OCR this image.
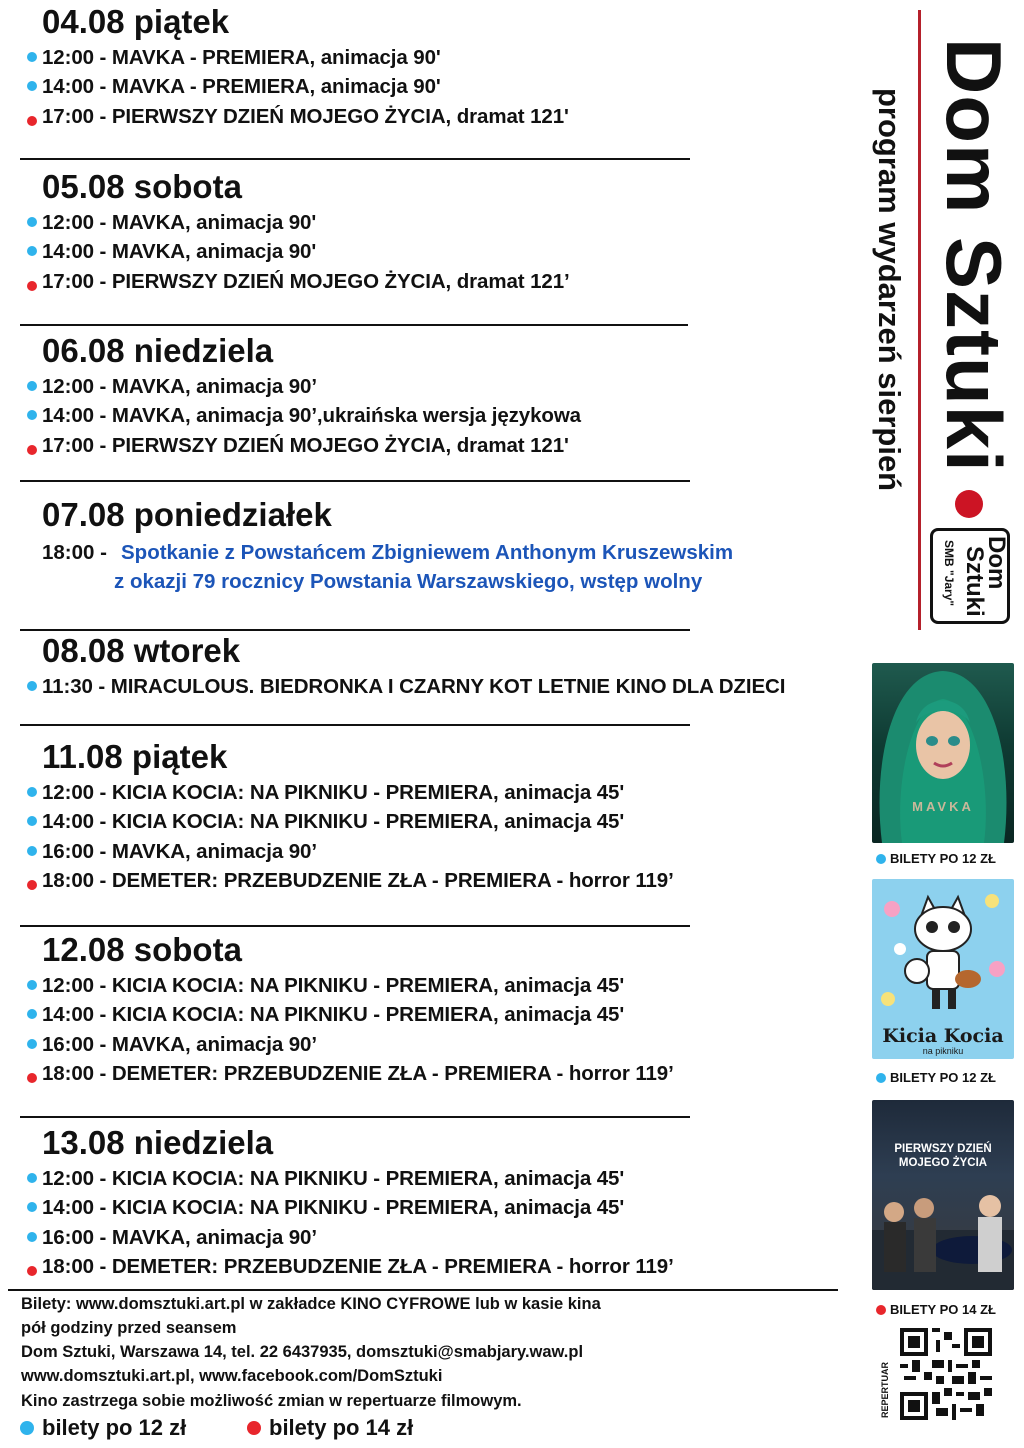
04.08 piątek
12:00 - MAVKA - PREMIERA, animacja 90'
14:00 - MAVKA - PREMIERA, animacja 90'
17:00 - PIERWSZY DZIEŃ MOJEGO ŻYCIA, dramat 121'
05.08 sobota
12:00 - MAVKA, animacja 90'
14:00 - MAVKA, animacja 90'
17:00 - PIERWSZY DZIEŃ MOJEGO ŻYCIA, dramat 121’
06.08 niedziela
12:00 - MAVKA, animacja 90’
14:00 - MAVKA, animacja 90’,ukraińska wersja językowa
17:00 - PIERWSZY DZIEŃ MOJEGO ŻYCIA, dramat 121'
07.08 poniedziałek
18:00 - Spotkanie z Powstańcem Zbigniewem Anthonym Kruszewskim
z okazji 79 rocznicy Powstania Warszawskiego, wstęp wolny
08.08 wtorek
11:30 - MIRACULOUS. BIEDRONKA I CZARNY KOT LETNIE KINO DLA DZIECI
11.08 piątek
12:00 - KICIA KOCIA: NA PIKNIKU - PREMIERA, animacja 45'
14:00 - KICIA KOCIA: NA PIKNIKU - PREMIERA, animacja 45'
16:00 - MAVKA, animacja 90’
18:00 - DEMETER: PRZEBUDZENIE ZŁA - PREMIERA - horror 119’
12.08 sobota
12:00 - KICIA KOCIA: NA PIKNIKU - PREMIERA, animacja 45'
14:00 - KICIA KOCIA: NA PIKNIKU - PREMIERA, animacja 45'
16:00 - MAVKA, animacja 90’
18:00 - DEMETER: PRZEBUDZENIE ZŁA - PREMIERA - horror 119’
13.08 niedziela
12:00 - KICIA KOCIA: NA PIKNIKU - PREMIERA, animacja 45'
14:00 - KICIA KOCIA: NA PIKNIKU - PREMIERA, animacja 45'
16:00 - MAVKA, animacja 90’
18:00 - DEMETER: PRZEBUDZENIE ZŁA - PREMIERA - horror 119’
Dom Sztuki
program wydarzeń sierpień
Dom
Sztuki
SMB "Jary"
MAVKA
BILETY PO 12 ZŁ
Kicia Kocia
na pikniku
BILETY PO 12 ZŁ
PIERWSZY DZIEŃ MOJEGO ŻYCIA
BILETY PO 14 ZŁ
REPERTUAR
Bilety: www.domsztuki.art.pl w zakładce KINO CYFROWE lub w kasie kina
pół godziny przed seansem
Dom Sztuki, Warszawa 14, tel. 22 6437935, domsztuki@smabjary.waw.pl
www.domsztuki.art.pl, www.facebook.com/DomSztuki
Kino zastrzega sobie możliwość zmian w repertuarze filmowym.
bilety po 12 zł	bilety po 14 zł
